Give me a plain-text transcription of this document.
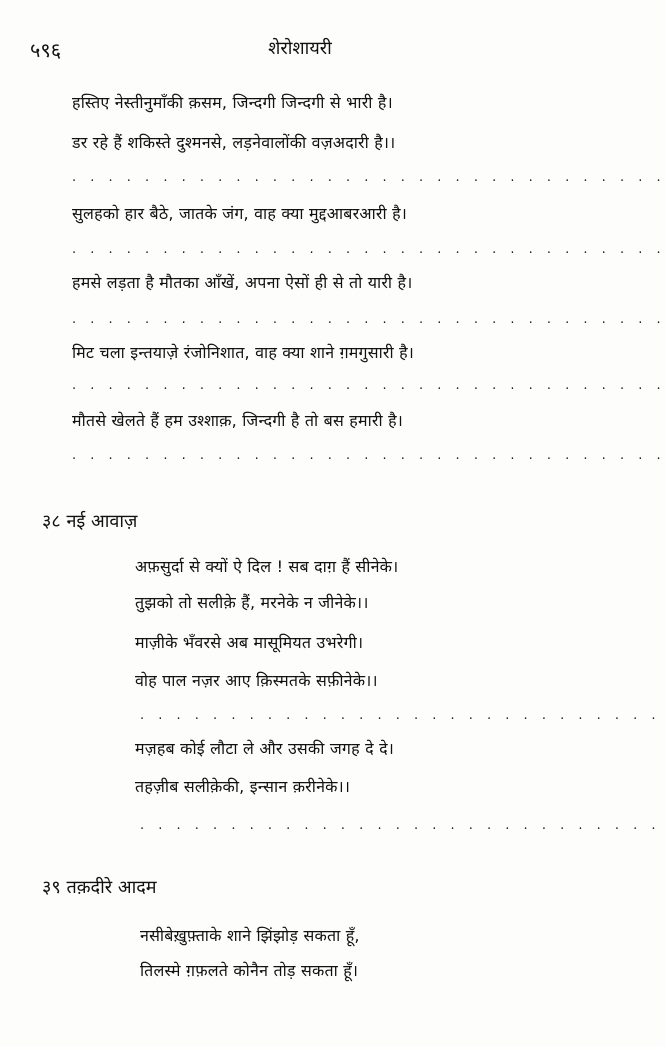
५९६	शेरोशायरी
हस्तिए नेस्तीनुमाँकी क़सम, जिन्दगी जिन्दगी से भारी है।
डर रहे हैं शकिस्ते दुश्मनसे, लड़नेवालोंकी वज़अदारी है।।
. . . . . . . . . . . . . . . . . . . . . . . . . . . . . . . . .
सुलहको हार बैठे, जातके जंग, वाह क्या मुद्दआबरआरी है।
. . . . . . . . . . . . . . . . . . . . . . . . . . . . . . . . .
हमसे लड़ता है मौतका आँखें, अपना ऐसों ही से तो यारी है।
. . . . . . . . . . . . . . . . . . . . . . . . . . . . . . . . .
मिट चला इन्तयाज़े रंजोनिशात, वाह क्या शाने ग़मगुसारी है।
. . . . . . . . . . . . . . . . . . . . . . . . . . . . . . . . .
मौतसे खेलते हैं हम उश्शाक़, जिन्दगी है तो बस हमारी है।
. . . . . . . . . . . . . . . . . . . . . . . . . . . . . . . . .
३८ नई आवाज़
अफ़सुर्दा से क्यों ऐ दिल ! सब दाग़ हैं सीनेके।
तुझको तो सलीक़े हैं, मरनेके न जीनेके।।
माज़ीके भँवरसे अब मासूमियत उभरेगी।
वोह पाल नज़र आए क़िस्मतके सफ़ीनेके।।
. . . . . . . . . . . . . . . . . . . . . . . . . . . . .
मज़हब कोई लौटा ले और उसकी जगह दे दे।
तहज़ीब सलीक़ेकी, इन्सान क़रीनेके।।
. . . . . . . . . . . . . . . . . . . . . . . . . . . . .
३९ तक़दीरे आदम
नसीबेख़ुफ़्ताके शाने झिंझोड़ सकता हूँ,
तिलस्मे ग़फ़लते कोनैन तोड़ सकता हूँ।
